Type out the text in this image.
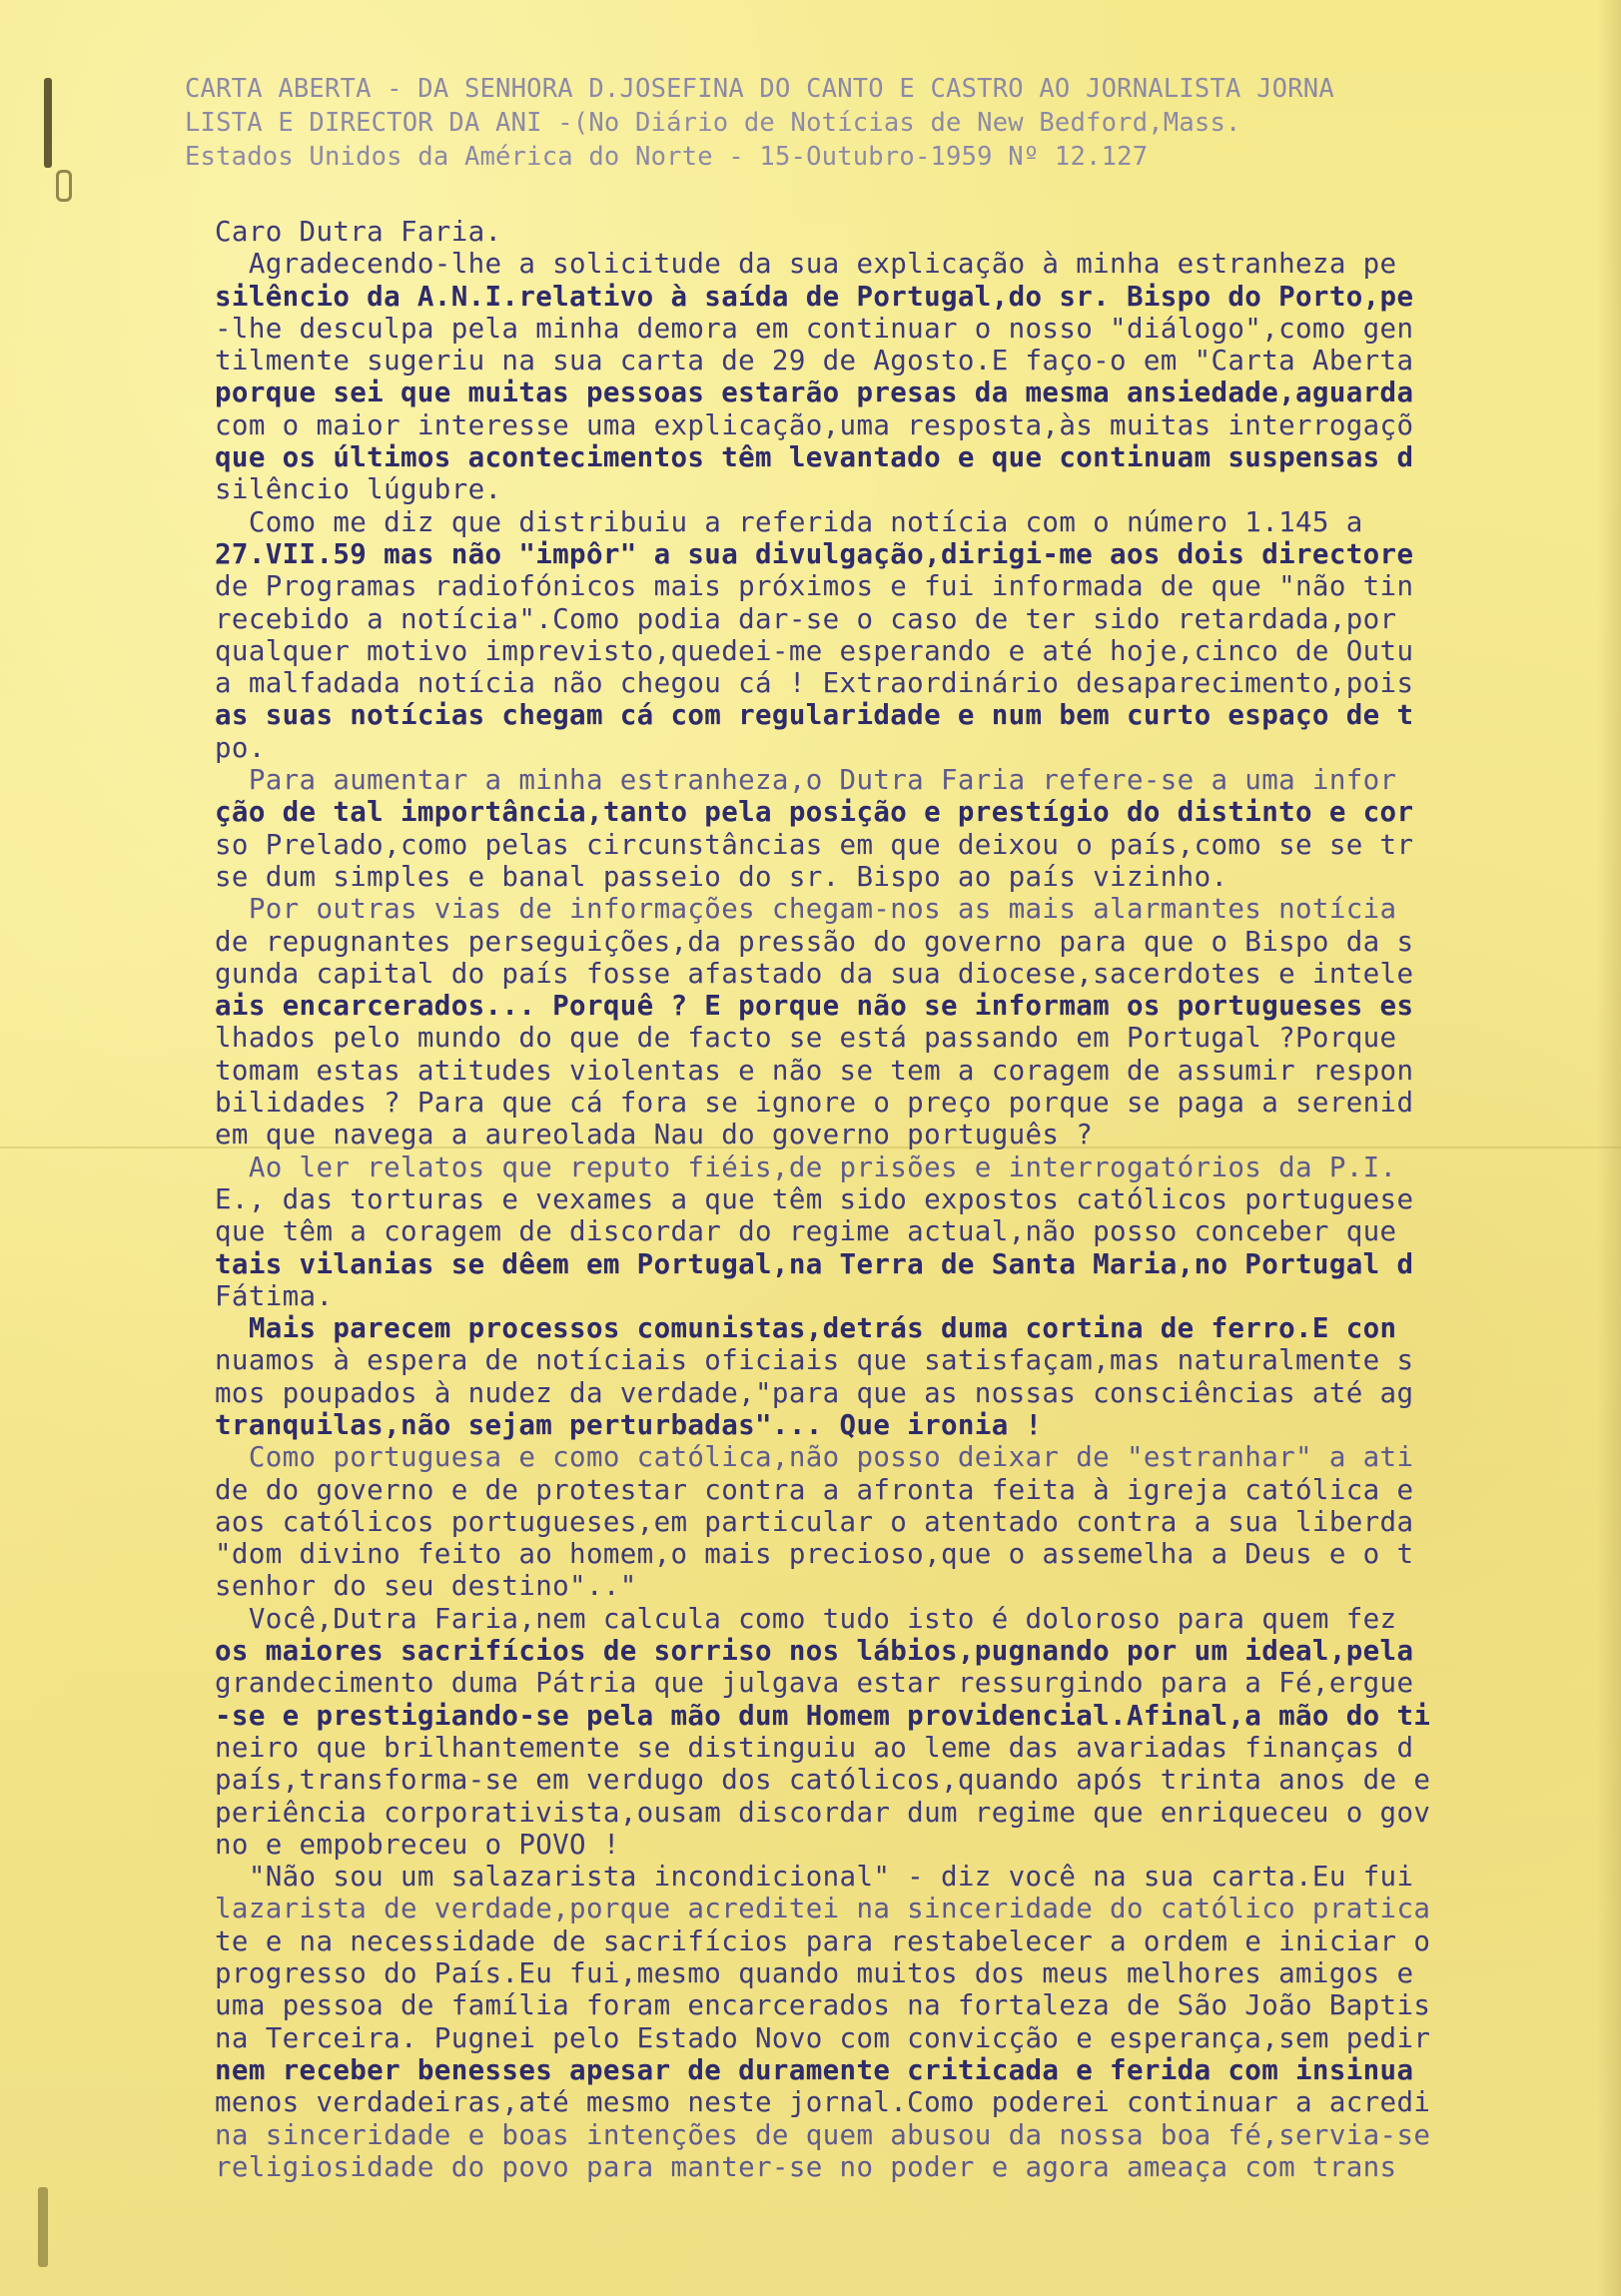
CARTA ABERTA - DA SENHORA D.JOSEFINA DO CANTO E CASTRO AO JORNALISTA JORNA
LISTA E DIRECTOR DA ANI -(No Diário de Notícias de New Bedford,Mass.
Estados Unidos da América do Norte - 15-Outubro-1959 Nº 12.127
Caro Dutra Faria.
Agradecendo-lhe a solicitude da sua explicação à minha estranheza pe
silêncio da A.N.I.relativo à saída de Portugal,do sr. Bispo do Porto,pe
-lhe desculpa pela minha demora em continuar o nosso "diálogo",como gen
tilmente sugeriu na sua carta de 29 de Agosto.E faço-o em "Carta Aberta
porque sei que muitas pessoas estarão presas da mesma ansiedade,aguarda
com o maior interesse uma explicação,uma resposta,às muitas interrogaçõ
que os últimos acontecimentos têm levantado e que continuam suspensas d
silêncio lúgubre.
Como me diz que distribuiu a referida notícia com o número 1.145 a
27.VII.59 mas não "impôr" a sua divulgação,dirigi-me aos dois directore
de Programas radiofónicos mais próximos e fui informada de que "não tin
recebido a notícia".Como podia dar-se o caso de ter sido retardada,por
qualquer motivo imprevisto,quedei-me esperando e até hoje,cinco de Outu
a malfadada notícia não chegou cá ! Extraordinário desaparecimento,pois
as suas notícias chegam cá com regularidade e num bem curto espaço de t
po.
Para aumentar a minha estranheza,o Dutra Faria refere-se a uma infor
ção de tal importância,tanto pela posição e prestígio do distinto e cor
so Prelado,como pelas circunstâncias em que deixou o país,como se se tr
se dum simples e banal passeio do sr. Bispo ao país vizinho.
Por outras vias de informações chegam-nos as mais alarmantes notícia
de repugnantes perseguições,da pressão do governo para que o Bispo da s
gunda capital do país fosse afastado da sua diocese,sacerdotes e intele
ais encarcerados... Porquê ? E porque não se informam os portugueses es
lhados pelo mundo do que de facto se está passando em Portugal ?Porque
tomam estas atitudes violentas e não se tem a coragem de assumir respon
bilidades ? Para que cá fora se ignore o preço porque se paga a serenid
em que navega a aureolada Nau do governo português ?
Ao ler relatos que reputo fiéis,de prisões e interrogatórios da P.I.
E., das torturas e vexames a que têm sido expostos católicos portuguese
que têm a coragem de discordar do regime actual,não posso conceber que
tais vilanias se dêem em Portugal,na Terra de Santa Maria,no Portugal d
Fátima.
Mais parecem processos comunistas,detrás duma cortina de ferro.E con
nuamos à espera de notíciais oficiais que satisfaçam,mas naturalmente s
mos poupados à nudez da verdade,"para que as nossas consciências até ag
tranquilas,não sejam perturbadas"... Que ironia !
Como portuguesa e como católica,não posso deixar de "estranhar" a ati
de do governo e de protestar contra a afronta feita à igreja católica e
aos católicos portugueses,em particular o atentado contra a sua liberda
"dom divino feito ao homem,o mais precioso,que o assemelha a Deus e o t
senhor do seu destino".."
Você,Dutra Faria,nem calcula como tudo isto é doloroso para quem fez
os maiores sacrifícios de sorriso nos lábios,pugnando por um ideal,pela
grandecimento duma Pátria que julgava estar ressurgindo para a Fé,ergue
-se e prestigiando-se pela mão dum Homem providencial.Afinal,a mão do ti
neiro que brilhantemente se distinguiu ao leme das avariadas finanças d
país,transforma-se em verdugo dos católicos,quando após trinta anos de e
periência corporativista,ousam discordar dum regime que enriqueceu o gov
no e empobreceu o POVO !
"Não sou um salazarista incondicional" - diz você na sua carta.Eu fui
lazarista de verdade,porque acreditei na sinceridade do católico pratica
te e na necessidade de sacrifícios para restabelecer a ordem e iniciar o
progresso do País.Eu fui,mesmo quando muitos dos meus melhores amigos e
uma pessoa de família foram encarcerados na fortaleza de São João Baptis
na Terceira. Pugnei pelo Estado Novo com convicção e esperança,sem pedir
nem receber benesses apesar de duramente criticada e ferida com insinua
menos verdadeiras,até mesmo neste jornal.Como poderei continuar a acredi
na sinceridade e boas intenções de quem abusou da nossa boa fé,servia-se
religiosidade do povo para manter-se no poder e agora ameaça com trans
